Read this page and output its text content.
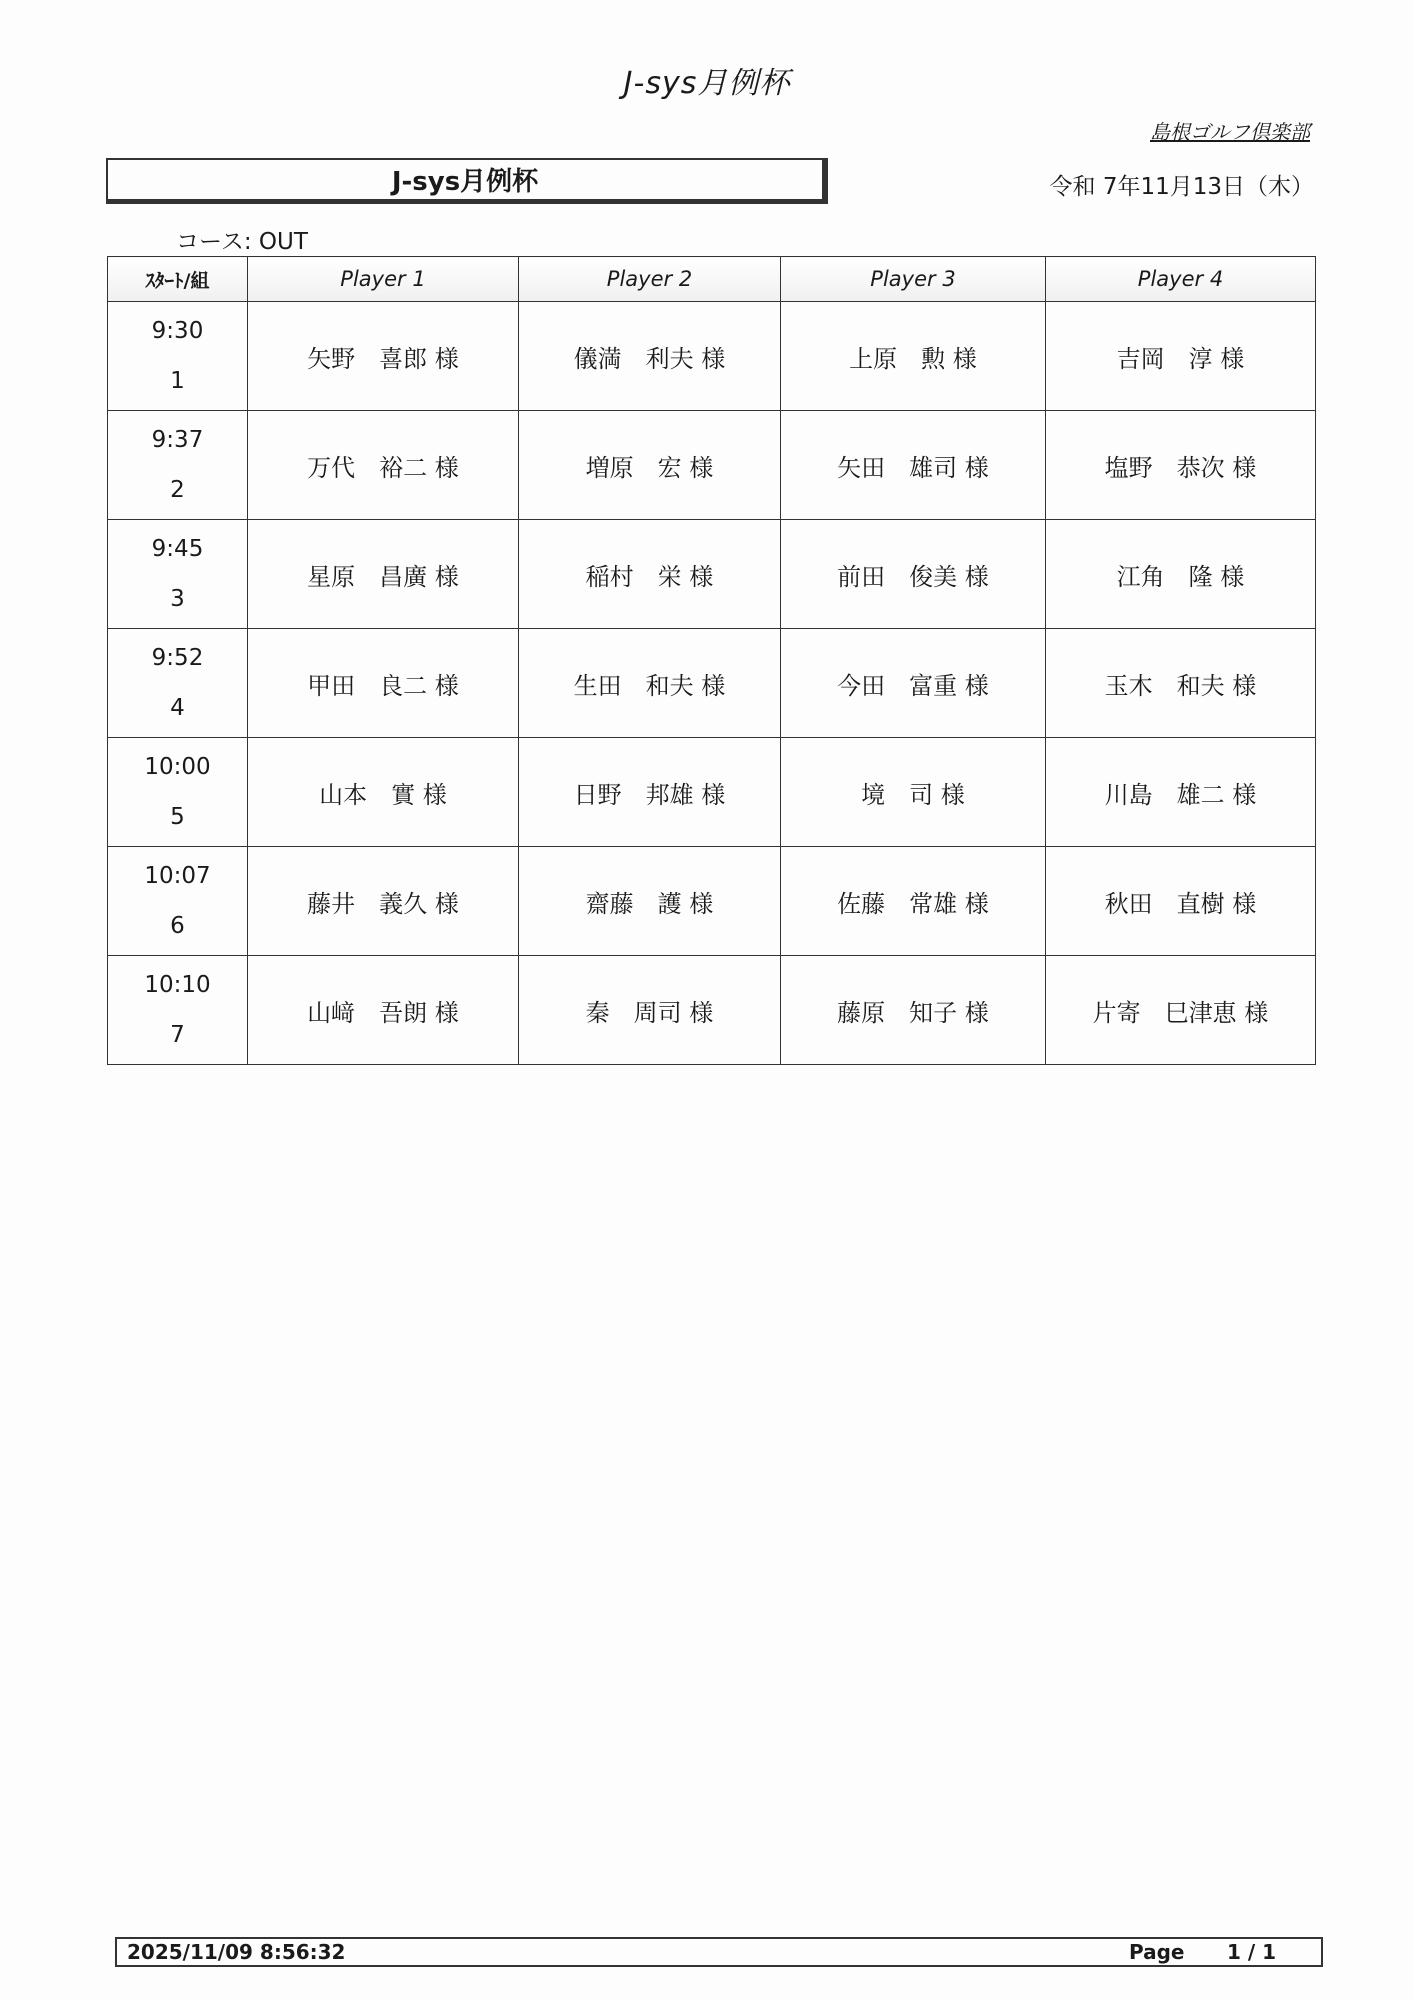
J-sys月例杯
島根ゴルフ倶楽部
J-sys月例杯	令和 7年11月13日（木）
コース: OUT
ｽﾀｰﾄ/組	Player 1	Player 2	Player 3	Player 4

9:30
1	矢野　喜郎 様	儀満　利夫 様	上原　勲 様	吉岡　淳 様

9:37
2	万代　裕二 様	増原　宏 様	矢田　雄司 様	塩野　恭次 様

9:45
3	星原　昌廣 様	稲村　栄 様	前田　俊美 様	江角　隆 様

9:52
4	甲田　良二 様	生田　和夫 様	今田　富重 様	玉木　和夫 様

10:00
5	山本　實 様	日野　邦雄 様	境　司 様	川島　雄二 様

10:07
6	藤井　義久 様	齋藤　護 様	佐藤　常雄 様	秋田　直樹 様

10:10
7	山﨑　吾朗 様	秦　周司 様	藤原　知子 様	片寄　巳津恵 様
2025/11/09 8:56:32	Page 1 / 1
